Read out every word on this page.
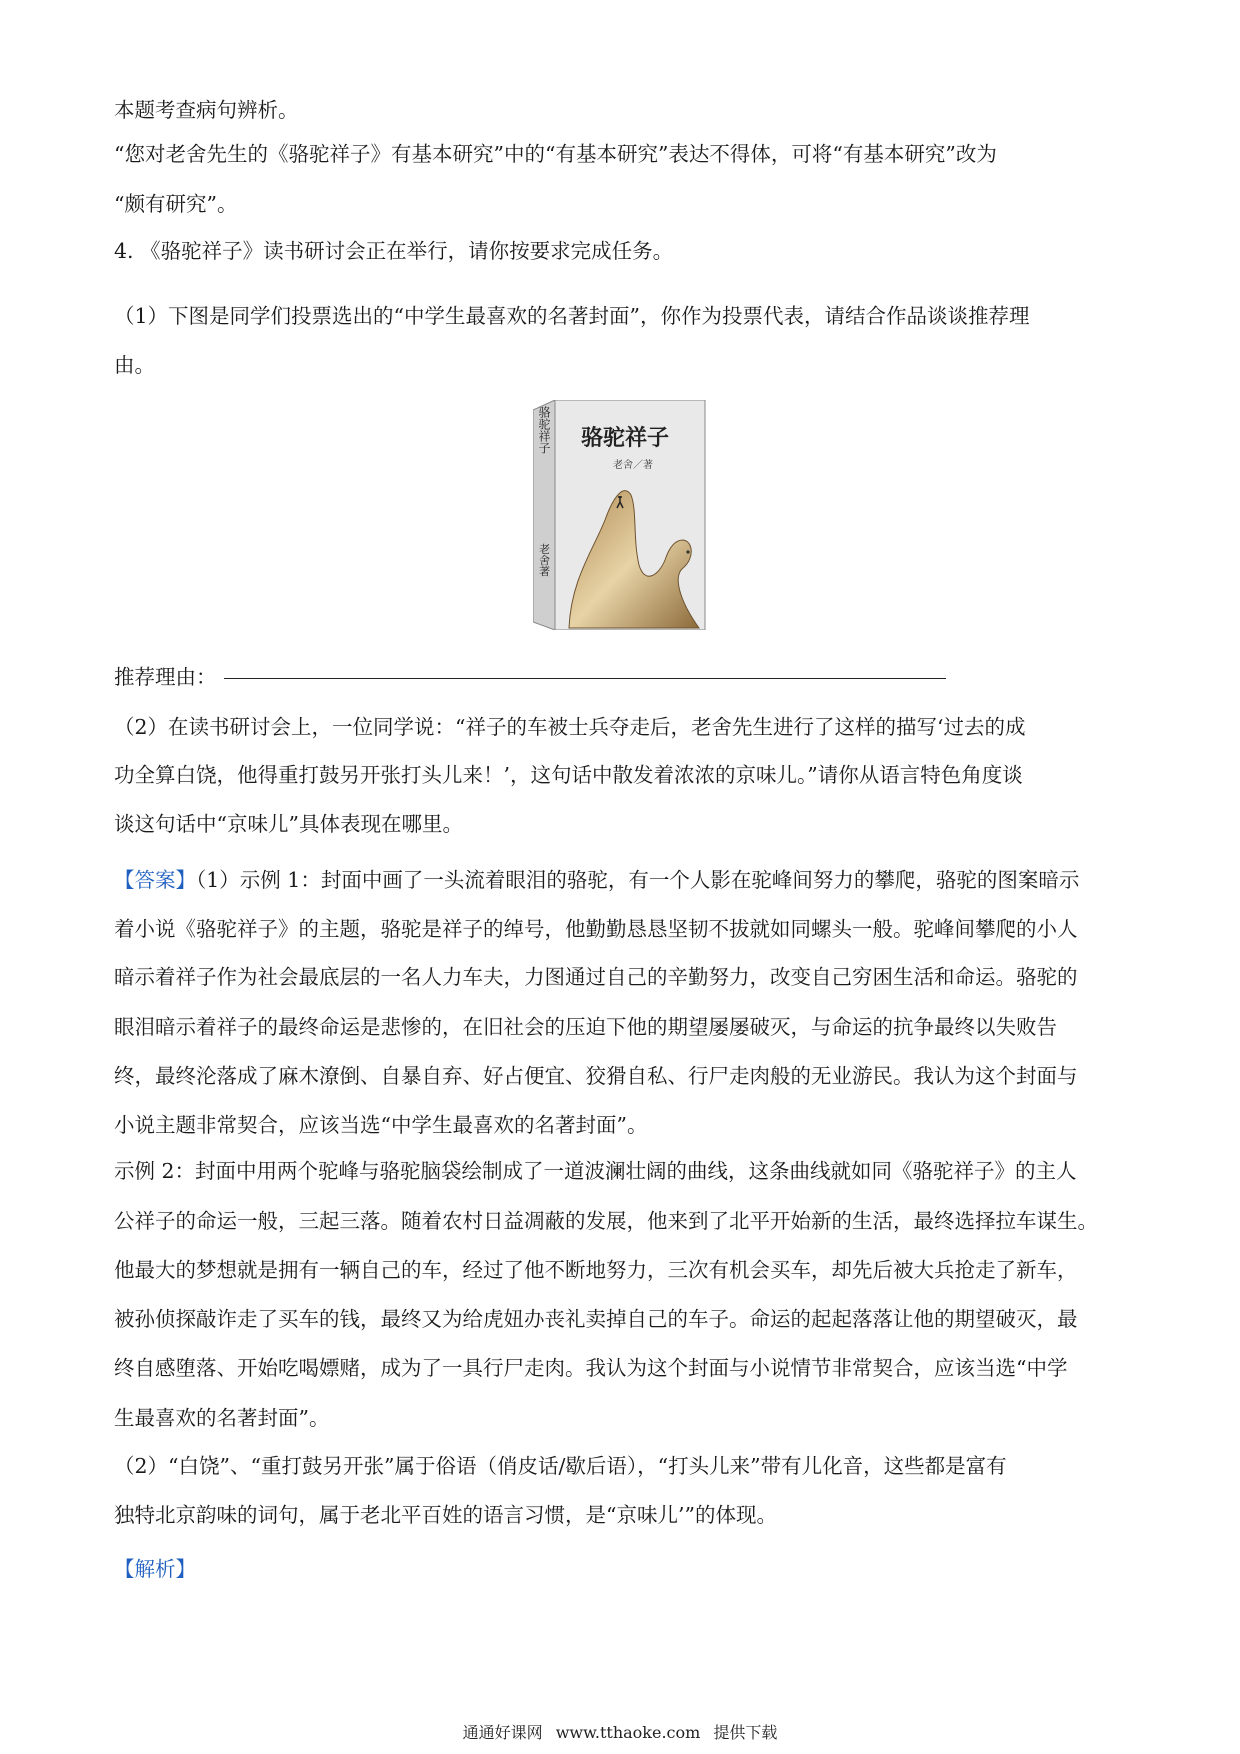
本题考查病句辨析。
“您对老舍先生的《骆驼祥子》有基本研究”中的“有基本研究”表达不得体，可将“有基本研究”改为
“颇有研究”。
4. 《骆驼祥子》读书研讨会正在举行，请你按要求完成任务。
（1）下图是同学们投票选出的“中学生最喜欢的名著封面”，你作为投票代表，请结合作品谈谈推荐理
由。
骆驼祥子
老舍／著
骆驼祥子
老舍著
推荐理由：
（2）在读书研讨会上，一位同学说：“祥子的车被士兵夺走后，老舍先生进行了这样的描写‘过去的成
功全算白饶，他得重打鼓另开张打头儿来！’，这句话中散发着浓浓的京味儿。”请你从语言特色角度谈
谈这句话中“京味儿”具体表现在哪里。
【答案】（1）示例 1：封面中画了一头流着眼泪的骆驼，有一个人影在驼峰间努力的攀爬，骆驼的图案暗示
着小说《骆驼祥子》的主题，骆驼是祥子的绰号，他勤勤恳恳坚韧不拔就如同螺头一般。驼峰间攀爬的小人
暗示着祥子作为社会最底层的一名人力车夫，力图通过自己的辛勤努力，改变自己穷困生活和命运。骆驼的
眼泪暗示着祥子的最终命运是悲惨的，在旧社会的压迫下他的期望屡屡破灭，与命运的抗争最终以失败告
终，最终沦落成了麻木潦倒、自暴自弃、好占便宜、狡猾自私、行尸走肉般的无业游民。我认为这个封面与
小说主题非常契合，应该当选“中学生最喜欢的名著封面”。
示例 2：封面中用两个驼峰与骆驼脑袋绘制成了一道波澜壮阔的曲线，这条曲线就如同《骆驼祥子》的主人
公祥子的命运一般，三起三落。随着农村日益凋蔽的发展，他来到了北平开始新的生活，最终选择拉车谋生。
他最大的梦想就是拥有一辆自己的车，经过了他不断地努力，三次有机会买车，却先后被大兵抢走了新车，
被孙侦探敲诈走了买车的钱，最终又为给虎妞办丧礼卖掉自己的车子。命运的起起落落让他的期望破灭，最
终自感堕落、开始吃喝嫖赌，成为了一具行尸走肉。我认为这个封面与小说情节非常契合，应该当选“中学
生最喜欢的名著封面”。
（2）“白饶”、“重打鼓另开张”属于俗语（俏皮话/歇后语），“打头儿来”带有儿化音，这些都是富有
独特北京韵味的词句，属于老北平百姓的语言习惯，是“京味儿’”的体现。
【解析】
通通好课网 www.tthaoke.com 提供下载
